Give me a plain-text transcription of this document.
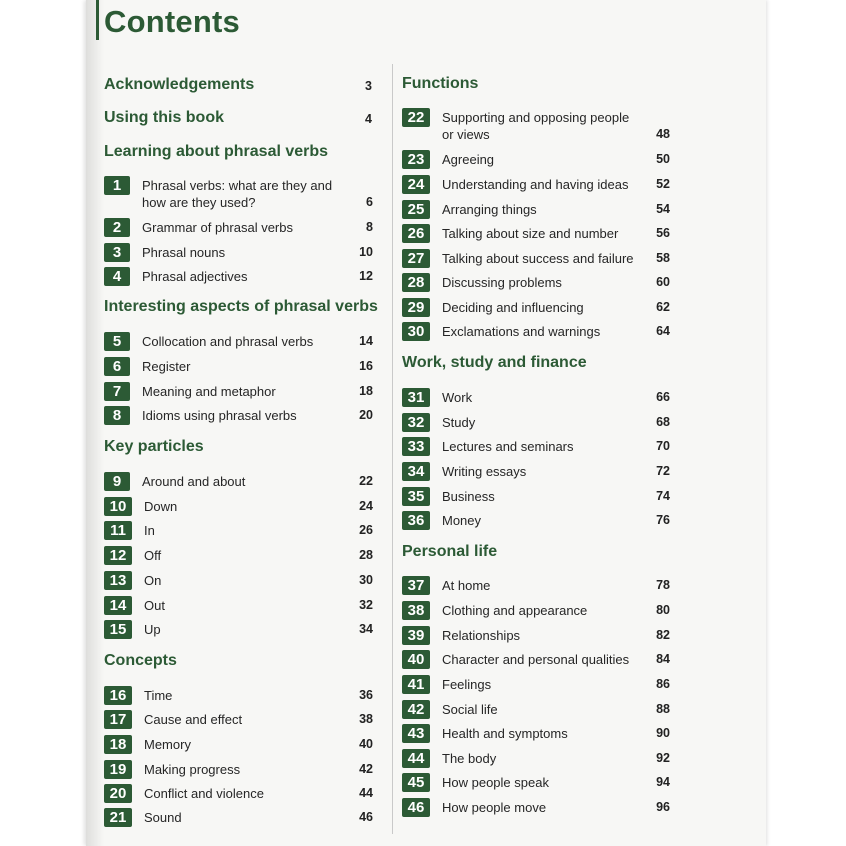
Contents
Acknowledgements	3
Using this book	4
Learning about phrasal verbs
Interesting aspects of phrasal verbs
Key particles
Concepts
Functions
Work, study and finance
Personal life
1	Phrasal verbs: what are they and how are they used?	6
2	Grammar of phrasal verbs	8
3	Phrasal nouns	10
4	Phrasal adjectives	12
5	Collocation and phrasal verbs	14
6	Register	16
7	Meaning and metaphor	18
8	Idioms using phrasal verbs	20
9	Around and about	22
10	Down	24
11	In	26
12	Off	28
13	On	30
14	Out	32
15	Up	34
16	Time	36
17	Cause and effect	38
18	Memory	40
19	Making progress	42
20	Conflict and violence	44
21	Sound	46
22	Supporting and opposing people or views	48
23	Agreeing	50
24	Understanding and having ideas	52
25	Arranging things	54
26	Talking about size and number	56
27	Talking about success and failure	58
28	Discussing problems	60
29	Deciding and influencing	62
30	Exclamations and warnings	64
31	Work	66
32	Study	68
33	Lectures and seminars	70
34	Writing essays	72
35	Business	74
36	Money	76
37	At home	78
38	Clothing and appearance	80
39	Relationships	82
40	Character and personal qualities	84
41	Feelings	86
42	Social life	88
43	Health and symptoms	90
44	The body	92
45	How people speak	94
46	How people move	96
